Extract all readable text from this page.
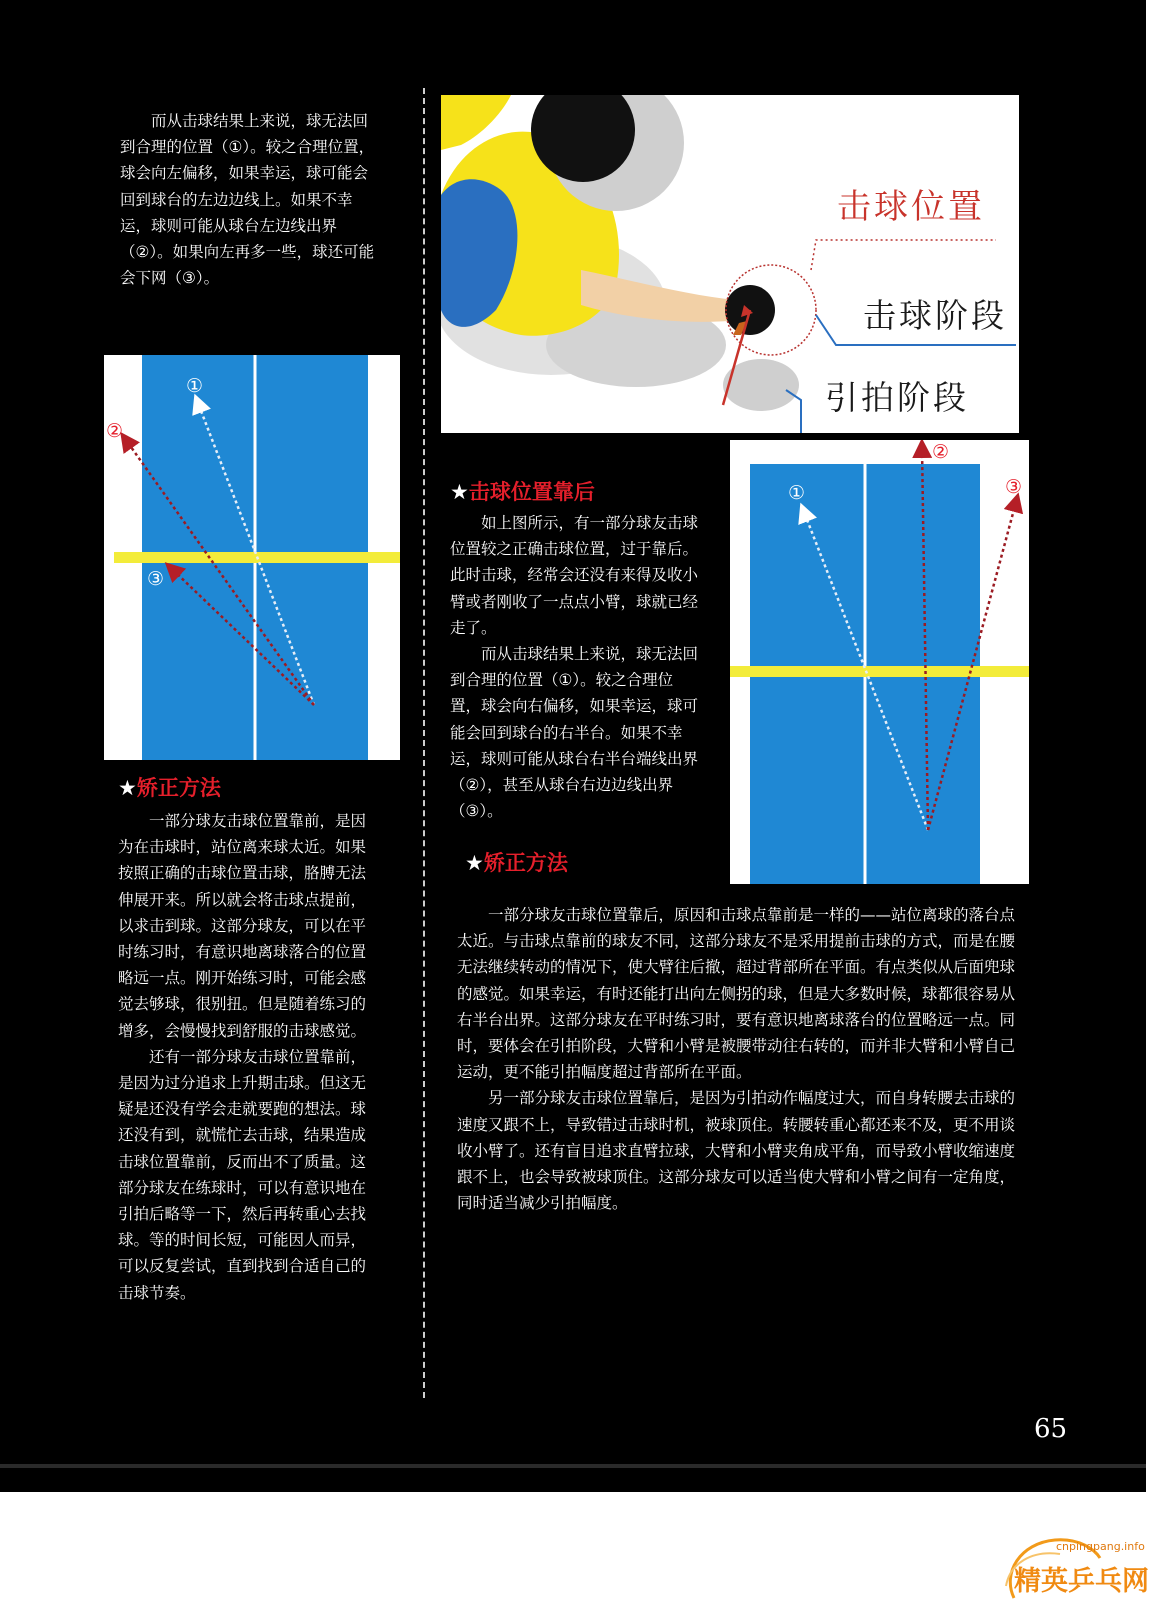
而从击球结果上来说，球无法回到合理的位置（①）。较之合理位置，球会向左偏移，如果幸运，球可能会回到球台的左边边线上。如果不幸运，球则可能从球台左边线出界（②）。如果向左再多一些，球还可能会下网（③）。

①
②
③
★矫正方法

一部分球友击球位置靠前，是因为在击球时，站位离来球太近。如果按照正确的击球位置击球，胳膊无法伸展开来。所以就会将击球点提前，以求击到球。这部分球友，可以在平时练习时，有意识地离球落合的位置略远一点。刚开始练习时，可能会感觉去够球，很别扭。但是随着练习的增多，会慢慢找到舒服的击球感觉。

还有一部分球友击球位置靠前，是因为过分追求上升期击球。但这无疑是还没有学会走就要跑的想法。球还没有到，就慌忙去击球，结果造成击球位置靠前，反而出不了质量。这部分球友在练球时，可以有意识地在引拍后略等一下，然后再转重心去找球。等的时间长短，可能因人而异，可以反复尝试，直到找到合适自己的击球节奏。

击球位置
击球阶段
引拍阶段
★击球位置靠后

如上图所示，有一部分球友击球位置较之正确击球位置，过于靠后。此时击球，经常会还没有来得及收小臂或者刚收了一点点小臂，球就已经走了。

而从击球结果上来说，球无法回到合理的位置（①）。较之合理位置，球会向右偏移，如果幸运，球可能会回到球台的右半台。如果不幸运，球则可能从球台右半台端线出界（②），甚至从球台右边边线出界（③）。

①
②
③
★矫正方法

一部分球友击球位置靠后，原因和击球点靠前是一样的——站位离球的落台点太近。与击球点靠前的球友不同，这部分球友不是采用提前击球的方式，而是在腰无法继续转动的情况下，使大臂往后撤，超过背部所在平面。有点类似从后面兜球的感觉。如果幸运，有时还能打出向左侧拐的球，但是大多数时候，球都很容易从右半台出界。这部分球友在平时练习时，要有意识地离球落台的位置略远一点。同时，要体会在引拍阶段，大臂和小臂是被腰带动往右转的，而并非大臂和小臂自己运动，更不能引拍幅度超过背部所在平面。

另一部分球友击球位置靠后，是因为引拍动作幅度过大，而自身转腰去击球的速度又跟不上，导致错过击球时机，被球顶住。转腰转重心都还来不及，更不用谈收小臂了。还有盲目追求直臂拉球，大臂和小臂夹角成平角，而导致小臂收缩速度跟不上，也会导致被球顶住。这部分球友可以适当使大臂和小臂之间有一定角度，同时适当减少引拍幅度。

65
cnpingpang.info
精英乒乓网
